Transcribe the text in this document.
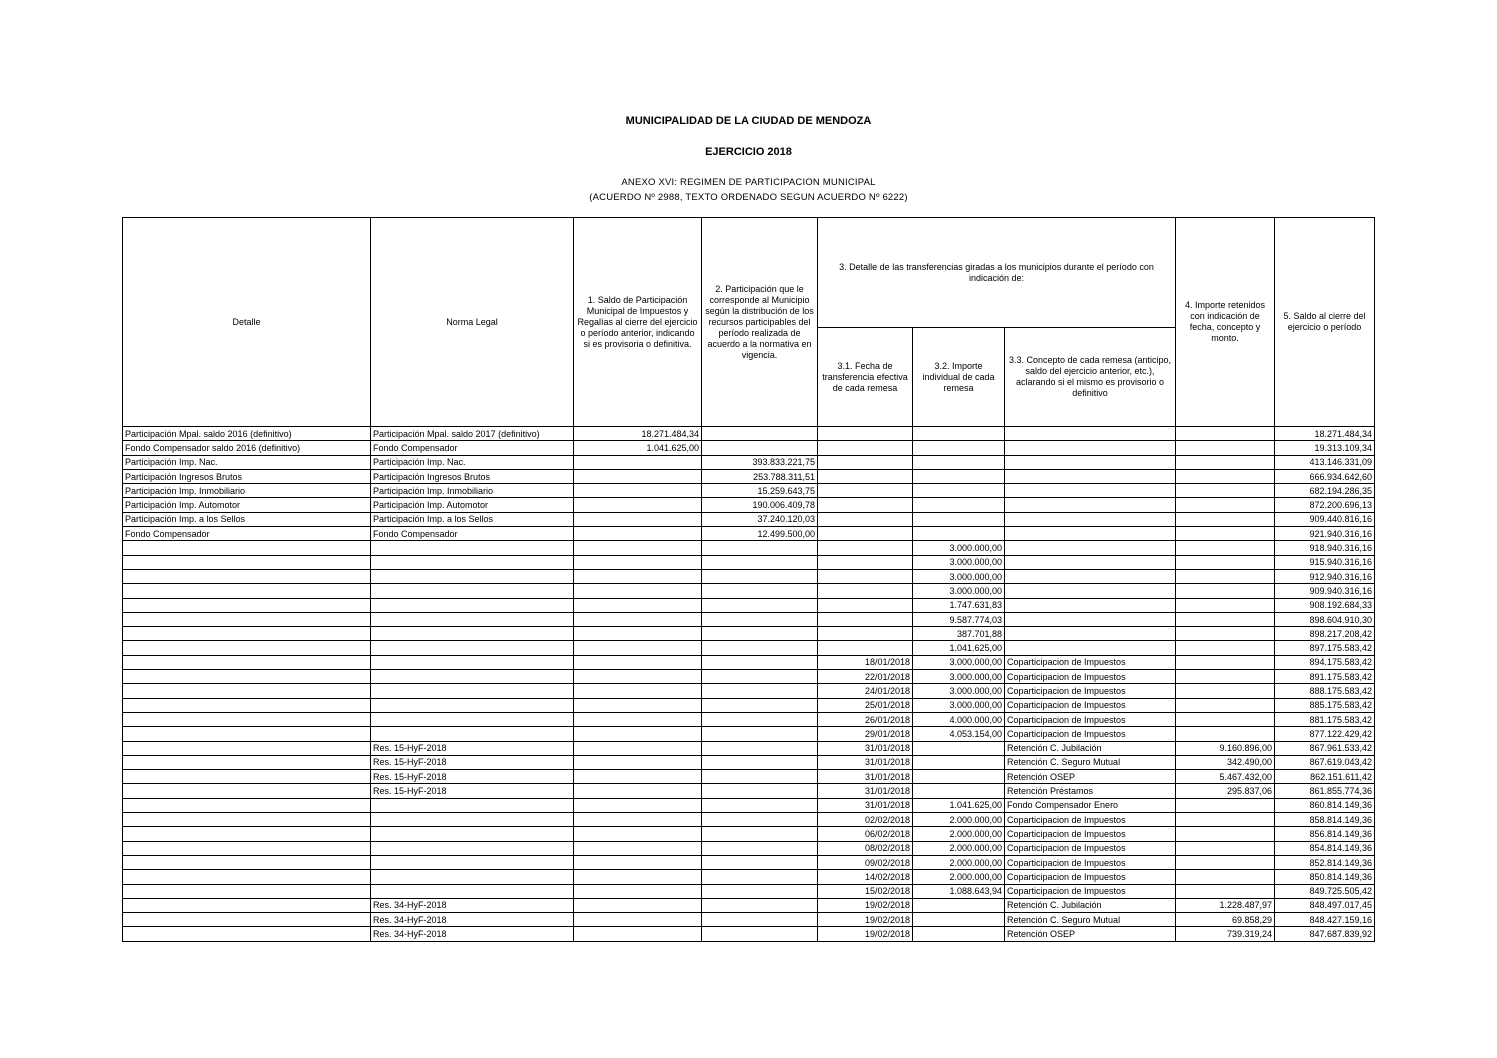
MUNICIPALIDAD DE LA CIUDAD DE MENDOZA
EJERCICIO 2018
ANEXO XVI: REGIMEN DE PARTICIPACION MUNICIPAL
(ACUERDO Nº 2988, TEXTO ORDENADO SEGUN ACUERDO Nº 6222)
Detalle	Norma Legal	1. Saldo de Participación Municipal de Impuestos y Regalías al cierre del ejercicio o período anterior, indicando si es provisoria o definitiva.	2. Participación que le corresponde al Municipio según la distribución de los recursos participables del período realizada de acuerdo a la normativa en vigencia.	3. Detalle de las transferencias giradas a los municipios durante el período con indicación de:			4. Importe retenidos con indicación de fecha, concepto y monto.	5. Saldo al cierre del ejercicio o período
				3.1. Fecha de transferencia efectiva de cada remesa	3.2. Importe individual de cada remesa	3.3. Concepto de cada remesa (anticipo, saldo del ejercicio anterior, etc.), aclarando si el mismo es provisorio o definitivo		
Participación Mpal. saldo 2016 (definitivo)	Participación Mpal. saldo 2017 (definitivo)	18.271.484,34						18.271.484,34
Fondo Compensador saldo 2016 (definitivo)	Fondo Compensador	1.041.625,00						19.313.109,34
Participación Imp. Nac.	Participación Imp. Nac.		393.833.221,75					413.146.331,09
Participación Ingresos Brutos	Participación Ingresos Brutos		253.788.311,51					666.934.642,60
Participación Imp. Inmobiliario	Participación Imp. Inmobiliario		15.259.643,75					682.194.286,35
Participación Imp. Automotor	Participación Imp. Automotor		190.006.409,78					872.200.696,13
Participación Imp. a los Sellos	Participación Imp. a los Sellos		37.240.120,03					909.440.816,16
Fondo Compensador	Fondo Compensador		12.499.500,00					921.940.316,16
					3.000.000,00			918.940.316,16
					3.000.000,00			915.940.316,16
					3.000.000,00			912.940.316,16
					3.000.000,00			909.940.316,16
					1.747.631,83			908.192.684,33
					9.587.774,03			898.604.910,30
					387.701,88			898.217.208,42
					1.041.625,00			897.175.583,42
				18/01/2018	3.000.000,00	Coparticipacion de Impuestos		894.175.583,42
				22/01/2018	3.000.000,00	Coparticipacion de Impuestos		891.175.583,42
				24/01/2018	3.000.000,00	Coparticipacion de Impuestos		888.175.583,42
				25/01/2018	3.000.000,00	Coparticipacion de Impuestos		885.175.583,42
				26/01/2018	4.000.000,00	Coparticipacion de Impuestos		881.175.583,42
				29/01/2018	4.053.154,00	Coparticipacion de Impuestos		877.122.429,42
	Res. 15-HyF-2018			31/01/2018		Retención C. Jubilación	9.160.896,00	867.961.533,42
	Res. 15-HyF-2018			31/01/2018		Retención C. Seguro Mutual	342.490,00	867.619.043,42
	Res. 15-HyF-2018			31/01/2018		Retención OSEP	5.467.432,00	862.151.611,42
	Res. 15-HyF-2018			31/01/2018		Retención Préstamos	295.837,06	861.855.774,36
				31/01/2018	1.041.625,00	Fondo Compensador Enero		860.814.149,36
				02/02/2018	2.000.000,00	Coparticipacion de Impuestos		858.814.149,36
				06/02/2018	2.000.000,00	Coparticipacion de Impuestos		856.814.149,36
				08/02/2018	2.000.000,00	Coparticipacion de Impuestos		854.814.149,36
				09/02/2018	2.000.000,00	Coparticipacion de Impuestos		852.814.149,36
				14/02/2018	2.000.000,00	Coparticipacion de Impuestos		850.814.149,36
				15/02/2018	1.088.643,94	Coparticipacion de Impuestos		849.725.505,42
	Res. 34-HyF-2018			19/02/2018		Retención C. Jubilación	1.228.487,97	848.497.017,45
	Res. 34-HyF-2018			19/02/2018		Retención C. Seguro Mutual	69.858,29	848.427.159,16
	Res. 34-HyF-2018			19/02/2018		Retención OSEP	739.319,24	847.687.839,92
